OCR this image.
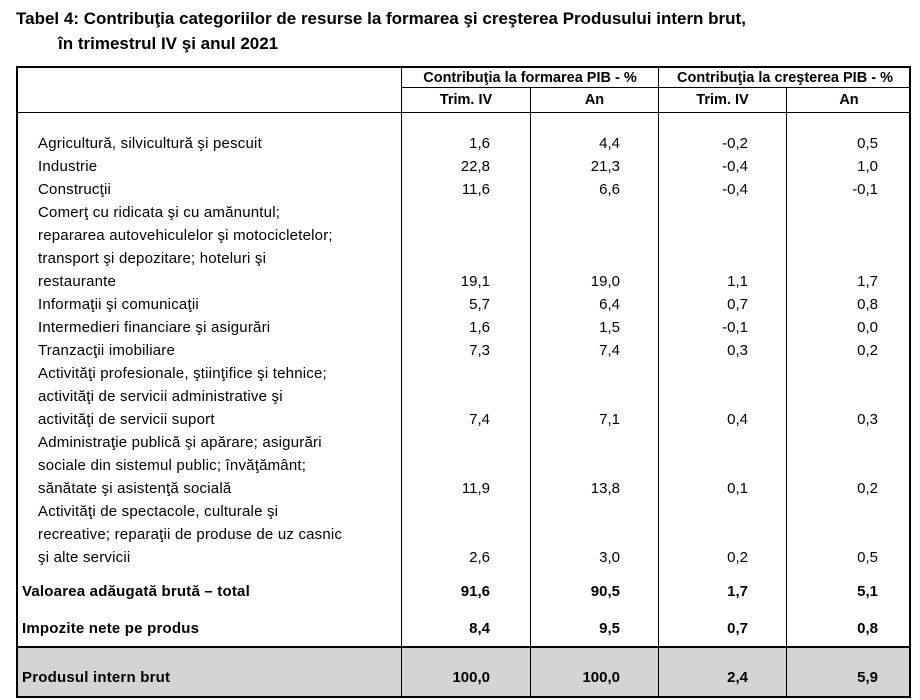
Tabel 4: Contribuţia categoriilor de resurse la formarea şi creşterea Produsului intern brut,
în trimestrul IV şi anul 2021
Contribuţia la formarea PIB - %	Contribuţia la creşterea PIB - %
Trim. IV	An	Trim. IV	An
Agricultură, silvicultură şi pescuit	1,6	4,4	-0,2	0,5
Industrie	22,8	21,3	-0,4	1,0
Construcţii	11,6	6,6	-0,4	-0,1
Comerţ cu ridicata şi cu amănuntul;
repararea autovehiculelor şi motocicletelor;
transport şi depozitare; hoteluri şi
restaurante	19,1	19,0	1,1	1,7
Informaţii şi comunicaţii	5,7	6,4	0,7	0,8
Intermedieri financiare şi asigurări	1,6	1,5	-0,1	0,0
Tranzacţii imobiliare	7,3	7,4	0,3	0,2
Activităţi profesionale, ştiinţifice şi tehnice;
activităţi de servicii administrative şi
activităţi de servicii suport	7,4	7,1	0,4	0,3
Administraţie publică şi apărare; asigurări
sociale din sistemul public; învăţământ;
sănătate şi asistenţă socială	11,9	13,8	0,1	0,2
Activităţi de spectacole, culturale şi
recreative; reparaţii de produse de uz casnic
şi alte servicii	2,6	3,0	0,2	0,5
Valoarea adăugată brută – total	91,6	90,5	1,7	5,1
Impozite nete pe produs	8,4	9,5	0,7	0,8
Produsul intern brut	100,0	100,0	2,4	5,9
